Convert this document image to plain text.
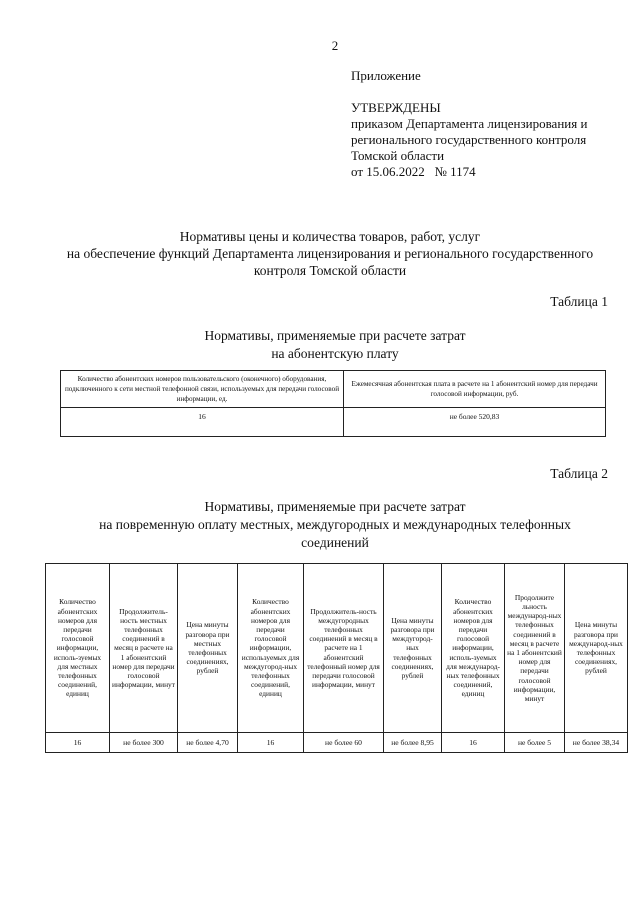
2
Приложение
УТВЕРЖДЕНЫ
приказом Департамента лицензирования и
регионального государственного контроля
Томской области
от 15.06.2022   № 1174
Нормативы цены и количества товаров, работ, услуг
на обеспечение функций Департамента лицензирования и регионального государственного
контроля Томской области
Таблица 1
Нормативы, применяемые при расчете затрат
на абонентскую плату
Количество абонентских номеров пользовательского (оконечного) оборудования, подключенного к сети местной телефонной связи, используемых для передачи голосовой информации, ед.	Ежемесячная абонентская плата в расчете на 1 абонентский номер для передачи голосовой информации, руб.
16	не более 520,83
Таблица 2
Нормативы, применяемые при расчете затрат
на повременную оплату местных, междугородных и международных телефонных
соединений
Количество абонентских номеров для передачи голосовой информации, исполь-зуемых для местных телефонных соединений, единиц	Продолжитель-ность местных телефонных соединений в месяц в расчете на 1 абонентский номер для передачи голосовой информации, минут	Цена минуты разговора при местных телефонных соединениях, рублей	Количество абонентских номеров для передачи голосовой информации, используемых для междугород-ных телефонных соединений, единиц	Продолжитель-ность междугородных телефонных соединений в месяц в расчете на 1 абонентский телефонный номер для передачи голосовой информации, минут	Цена минуты разговора при междугород-ных телефонных соединениях, рублей	Количество абонентских номеров для передачи голосовой информации, исполь-зуемых для международ-ных телефонных соединений, единиц	Продолжите льность международ-ных телефонных соединений в месяц в расчете на 1 абонентский номер для передачи голосовой информации, минут	Цена минуты разговора при международ-ных телефонных соединениях, рублей
16	не более 300	не более 4,70	16	не более 60	не более 8,95	16	не более 5	не более 38,34
